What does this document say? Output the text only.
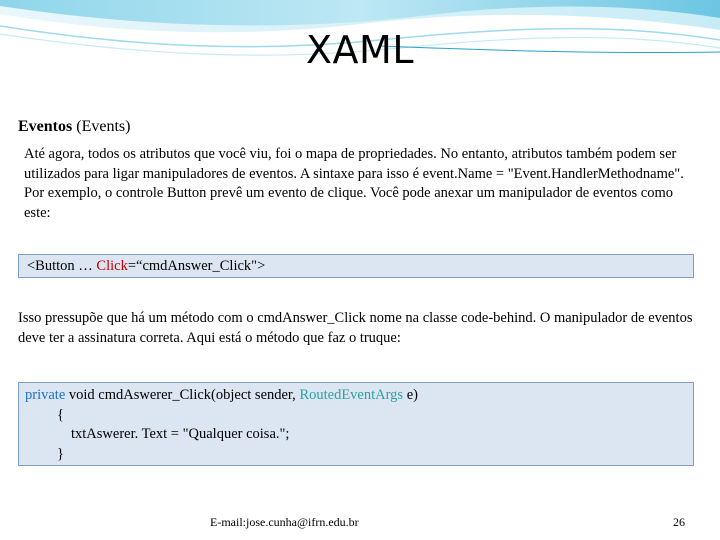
XAML
Eventos (Events)
Até agora, todos os atributos que você viu, foi o mapa de propriedades. No entanto, atributos também podem ser utilizados para ligar manipuladores de eventos. A sintaxe para isso é event.Name = "Event.HandlerMethodname". Por exemplo, o controle Button prevê um evento de clique. Você pode anexar um manipulador de eventos como este:
<Button … Click=“cmdAnswer_Click">
Isso pressupõe que há um método com o cmdAnswer_Click nome na classe code-behind. O manipulador de eventos deve ter a assinatura correta. Aqui está o método que faz o truque:
private void cmdAswerer_Click(object sender, RoutedEventArgs e)
{
txtAswerer. Text = "Qualquer coisa.";
}
E-mail:jose.cunha@ifrn.edu.br	26
